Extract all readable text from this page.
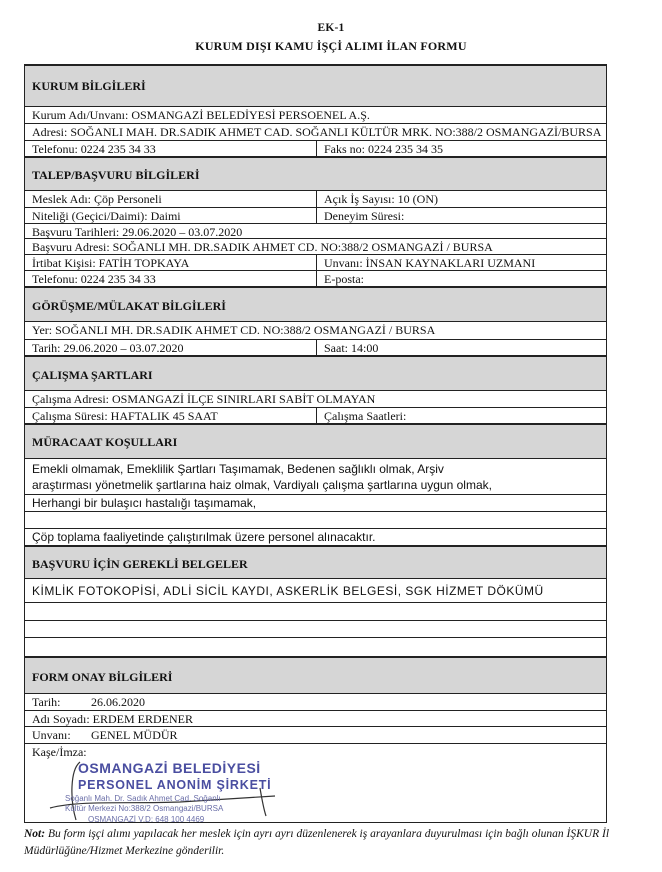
EK-1
KURUM DIŞI KAMU İŞÇİ ALIMI İLAN FORMU
KURUM BİLGİLERİ
Kurum Adı/Unvanı: OSMANGAZİ BELEDİYESİ PERSOENEL A.Ş.
Adresi: SOĞANLI MAH. DR.SADIK AHMET CAD. SOĞANLI KÜLTÜR MRK. NO:388/2 OSMANGAZİ/BURSA
Telefonu: 0224 235 34 33	Faks no: 0224 235 34 35
TALEP/BAŞVURU BİLGİLERİ
Meslek Adı: Çöp Personeli	Açık İş Sayısı: 10 (ON)
Niteliği (Geçici/Daimi): Daimi	Deneyim Süresi:
Başvuru Tarihleri: 29.06.2020 – 03.07.2020
Başvuru Adresi: SOĞANLI MH. DR.SADIK AHMET CD. NO:388/2 OSMANGAZİ / BURSA
İrtibat Kişisi: FATİH TOPKAYA	Unvanı: İNSAN KAYNAKLARI UZMANI
Telefonu: 0224 235 34 33	E-posta:
GÖRÜŞME/MÜLAKAT BİLGİLERİ
Yer: SOĞANLI MH. DR.SADIK AHMET CD. NO:388/2 OSMANGAZİ / BURSA
Tarih: 29.06.2020 – 03.07.2020	Saat: 14:00
ÇALIŞMA ŞARTLARI
Çalışma Adresi: OSMANGAZİ İLÇE SINIRLARI SABİT OLMAYAN
Çalışma Süresi: HAFTALIK 45 SAAT	Çalışma Saatleri:
MÜRACAAT KOŞULLARI
Emekli olmamak, Emeklilik Şartları Taşımamak, Bedenen sağlıklı olmak, Arşiv
araştırması yönetmelik şartlarına haiz olmak, Vardiyalı çalışma şartlarına uygun olmak,
Herhangi bir bulaşıcı hastalığı taşımamak,
Çöp toplama faaliyetinde çalıştırılmak üzere personel alınacaktır.
BAŞVURU İÇİN GEREKLİ BELGELER
KİMLİK FOTOKOPİSİ, ADLİ SİCİL KAYDI, ASKERLİK BELGESİ, SGK HİZMET DÖKÜMÜ
FORM ONAY BİLGİLERİ
Tarih:	26.06.2020
Adı Soyadı: ERDEM ERDENER
Unvanı: GENEL MÜDÜR
Kaşe/İmza:
OSMANGAZİ BELEDİYESİ
PERSONEL ANONİM ŞİRKETİ
Soğanlı Mah. Dr. Sadık Ahmet Cad. Soğanlı
Kültür Merkezi No:388/2 Osmangazi/BURSA
OSMANGAZİ V.D: 648 100 4469
Not: Bu form işçi alımı yapılacak her meslek için ayrı ayrı düzenlenerek iş arayanlara duyurulması için bağlı olunan İŞKUR İl Müdürlüğüne/Hizmet Merkezine gönderilir.
